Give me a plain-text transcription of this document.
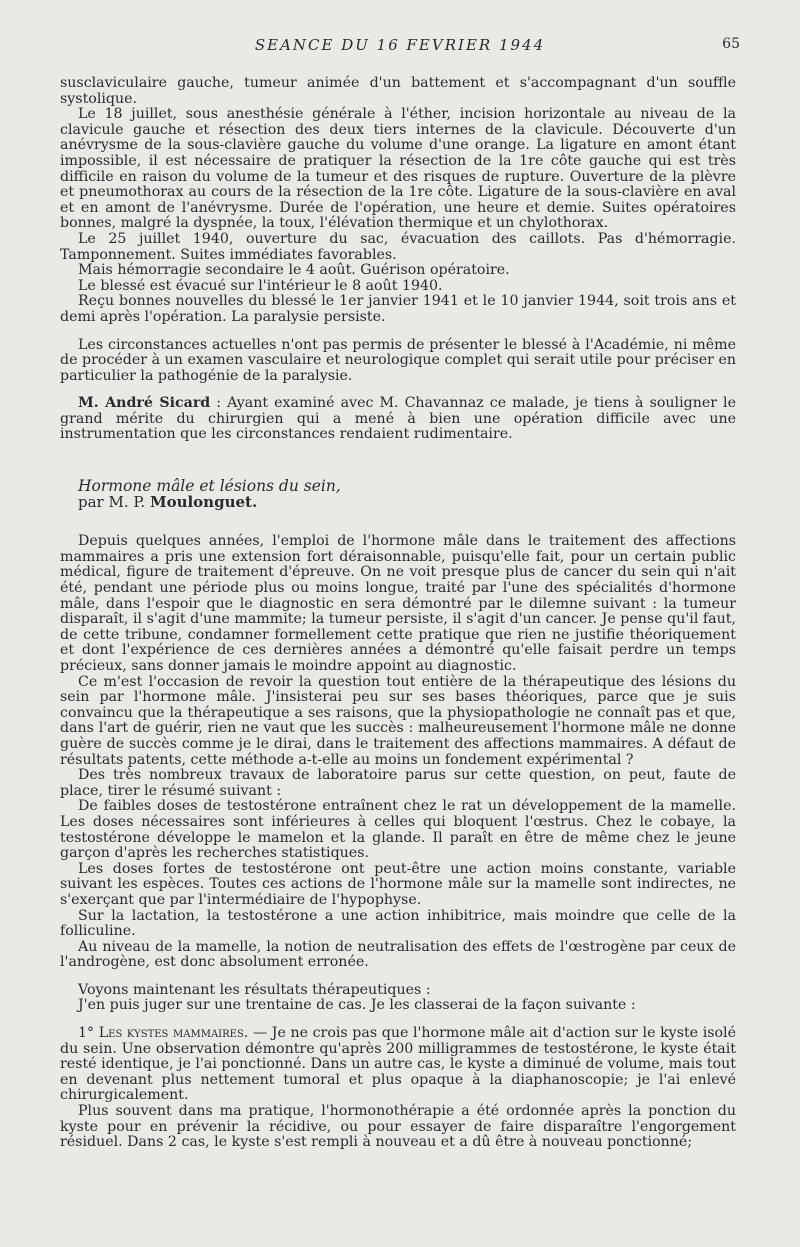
SEANCE DU 16 FEVRIER 1944	65

susclaviculaire gauche, tumeur animée d'un battement et s'accompagnant d'un souffle systolique.

Le 18 juillet, sous anesthésie générale à l'éther, incision horizontale au niveau de la clavicule gauche et résection des deux tiers internes de la clavicule. Découverte d'un anévrysme de la sous-clavière gauche du volume d'une orange. La ligature en amont étant impossible, il est nécessaire de pratiquer la résection de la 1re côte gauche qui est très difficile en raison du volume de la tumeur et des risques de rupture. Ouverture de la plèvre et pneumothorax au cours de la résection de la 1re côte. Ligature de la sous-clavière en aval et en amont de l'anévrysme. Durée de l'opération, une heure et demie. Suites opératoires bonnes, malgré la dyspnée, la toux, l'élévation thermique et un chylothorax.

Le 25 juillet 1940, ouverture du sac, évacuation des caillots. Pas d'hémorragie. Tamponnement. Suites immédiates favorables.

Mais hémorragie secondaire le 4 août. Guérison opératoire.

Le blessé est évacué sur l'intérieur le 8 août 1940.

Reçu bonnes nouvelles du blessé le 1er janvier 1941 et le 10 janvier 1944, soit trois ans et demi après l'opération. La paralysie persiste.

Les circonstances actuelles n'ont pas permis de présenter le blessé à l'Académie, ni même de procéder à un examen vasculaire et neurologique complet qui serait utile pour préciser en particulier la pathogénie de la paralysie.

M. André Sicard : Ayant examiné avec M. Chavannaz ce malade, je tiens à souligner le grand mérite du chirurgien qui a mené à bien une opération difficile avec une instrumentation que les circonstances rendaient rudimentaire.

Hormone mâle et lésions du sein,

par M. P. Moulonguet.

Depuis quelques années, l'emploi de l'hormone mâle dans le traitement des affections mammaires a pris une extension fort déraisonnable, puisqu'elle fait, pour un certain public médical, figure de traitement d'épreuve. On ne voit presque plus de cancer du sein qui n'ait été, pendant une période plus ou moins longue, traité par l'une des spécialités d'hormone mâle, dans l'espoir que le diagnostic en sera démontré par le dilemne suivant : la tumeur disparaît, il s'agit d'une mammite; la tumeur persiste, il s'agit d'un cancer. Je pense qu'il faut, de cette tribune, condamner formellement cette pratique que rien ne justifie théoriquement et dont l'expérience de ces dernières années a démontré qu'elle faisait perdre un temps précieux, sans donner jamais le moindre appoint au diagnostic.

Ce m'est l'occasion de revoir la question tout entière de la thérapeutique des lésions du sein par l'hormone mâle. J'insisterai peu sur ses bases théoriques, parce que je suis convaincu que la thérapeutique a ses raisons, que la physiopathologie ne connaît pas et que, dans l'art de guérir, rien ne vaut que les succès : malheureusement l'hormone mâle ne donne guère de succès comme je le dirai, dans le traitement des affections mammaires. A défaut de résultats patents, cette méthode a-t-elle au moins un fondement expérimental ?

Des très nombreux travaux de laboratoire parus sur cette question, on peut, faute de place, tirer le résumé suivant :

De faibles doses de testostérone entraînent chez le rat un développement de la mamelle. Les doses nécessaires sont inférieures à celles qui bloquent l'œstrus. Chez le cobaye, la testostérone développe le mamelon et la glande. Il paraît en être de même chez le jeune garçon d'après les recherches statistiques.

Les doses fortes de testostérone ont peut-être une action moins constante, variable suivant les espèces. Toutes ces actions de l'hormone mâle sur la mamelle sont indirectes, ne s'exerçant que par l'intermédiaire de l'hypophyse.

Sur la lactation, la testostérone a une action inhibitrice, mais moindre que celle de la folliculine.

Au niveau de la mamelle, la notion de neutralisation des effets de l'œstrogène par ceux de l'androgène, est donc absolument erronée.

Voyons maintenant les résultats thérapeutiques :

J'en puis juger sur une trentaine de cas. Je les classerai de la façon suivante :

1° Les kystes mammaires. — Je ne crois pas que l'hormone mâle ait d'action sur le kyste isolé du sein. Une observation démontre qu'après 200 milligrammes de testostérone, le kyste était resté identique, je l'ai ponctionné. Dans un autre cas, le kyste a diminué de volume, mais tout en devenant plus nettement tumoral et plus opaque à la diaphanoscopie; je l'ai enlevé chirurgicalement.

Plus souvent dans ma pratique, l'hormonothérapie a été ordonnée après la ponction du kyste pour en prévenir la récidive, ou pour essayer de faire disparaître l'engorgement résiduel. Dans 2 cas, le kyste s'est rempli à nouveau et a dû être à nouveau ponctionné;
